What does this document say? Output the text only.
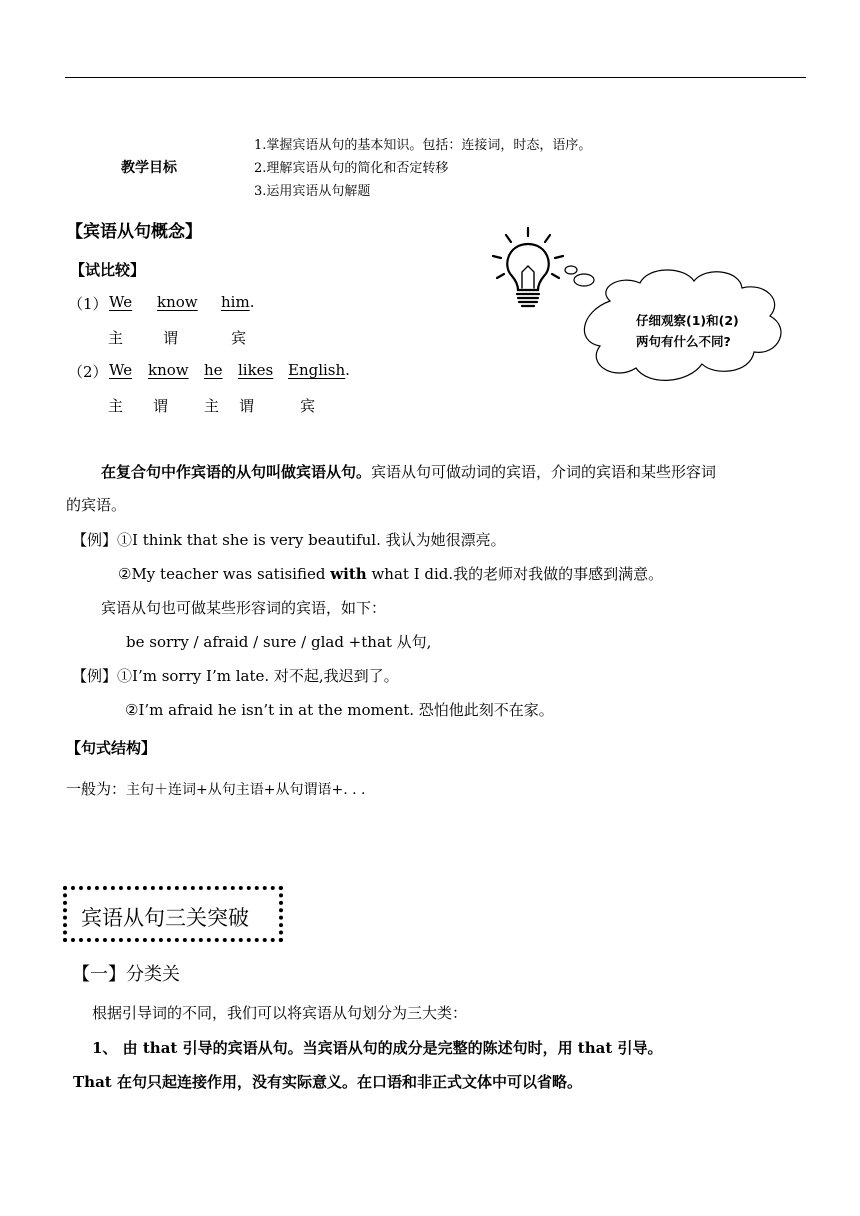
教学目标
1.掌握宾语从句的基本知识。包括：连接词，时态，语序。
2.理解宾语从句的简化和否定转移
3.运用宾语从句解题
【宾语从句概念】
【试比较】
（1） We know him.
主	谓	宾
（2） We know he likes English.
主 谓 主 谓	宾
仔细观察(1)和(2)
两句有什么不同?
在复合句中作宾语的从句叫做宾语从句。宾语从句可做动词的宾语，介词的宾语和某些形容词
的宾语。
【例】①I think that she is very beautiful. 我认为她很漂亮。
②My teacher was satisified with what I did.我的老师对我做的事感到满意。
宾语从句也可做某些形容词的宾语，如下：
be sorry / afraid / sure / glad +that 从句,
【例】①I’m sorry I’m late. 对不起,我迟到了。
②I’m afraid he isn’t in at the moment. 恐怕他此刻不在家。
【句式结构】
一般为：主句＋连词+从句主语+从句谓语+. . .
宾语从句三关突破
【一】分类关
根据引导词的不同，我们可以将宾语从句划分为三大类：
1、 由 that 引导的宾语从句。当宾语从句的成分是完整的陈述句时，用 that 引导。
That 在句只起连接作用，没有实际意义。在口语和非正式文体中可以省略。
